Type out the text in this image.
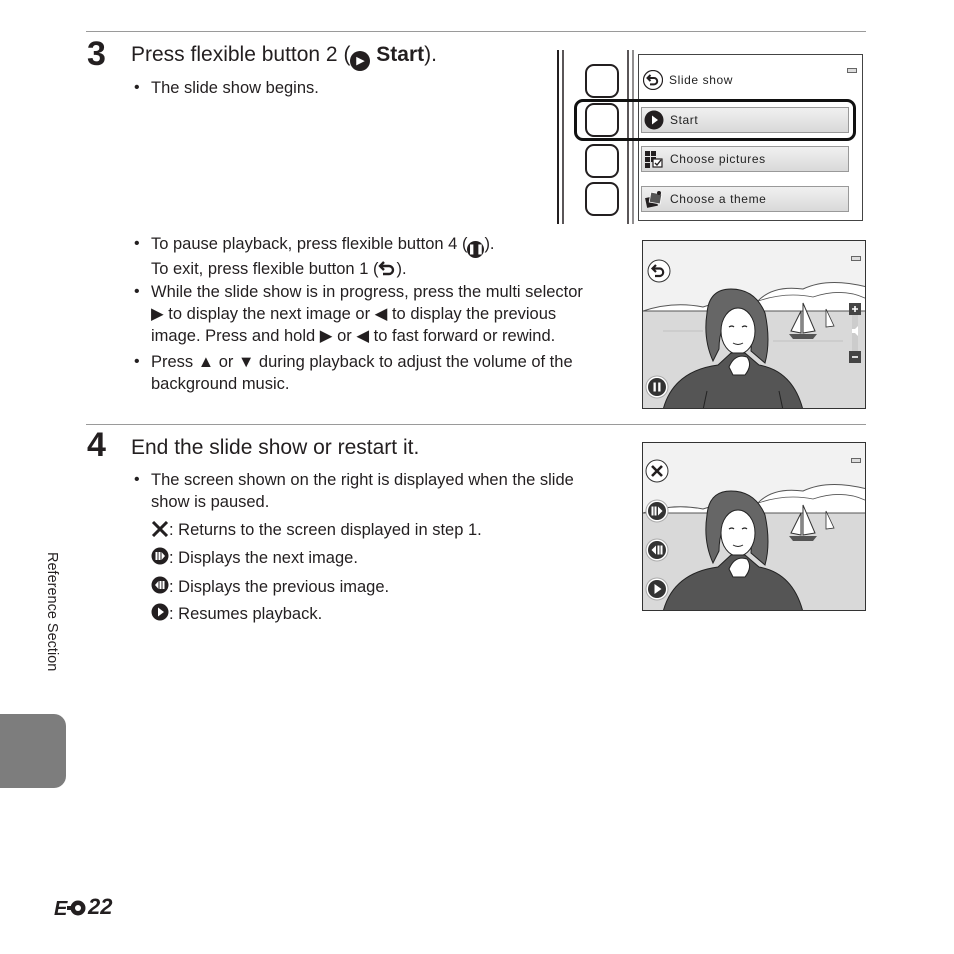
3 Press flexible button 2 ( ▶ Start).
• The slide show begins.
• To pause playback, press flexible button 4 (❚❚).
To exit, press flexible button 1 ( ).
• While the slide show is in progress, press the multi selector
▶ to display the next image or ◀ to display the previous
image. Press and hold ▶ or ◀ to fast forward or rewind.
• Press ▲ or ▼ during playback to adjust the volume of the
background music.
Slide show
Start
Choose pictures
Choose a theme
4 End the slide show or restart it.
• The screen shown on the right is displayed when the slide
show is paused.
: Returns to the screen displayed in step 1.
: Displays the next image.
: Displays the previous image.
: Resumes playback.
Reference Section
E 22
